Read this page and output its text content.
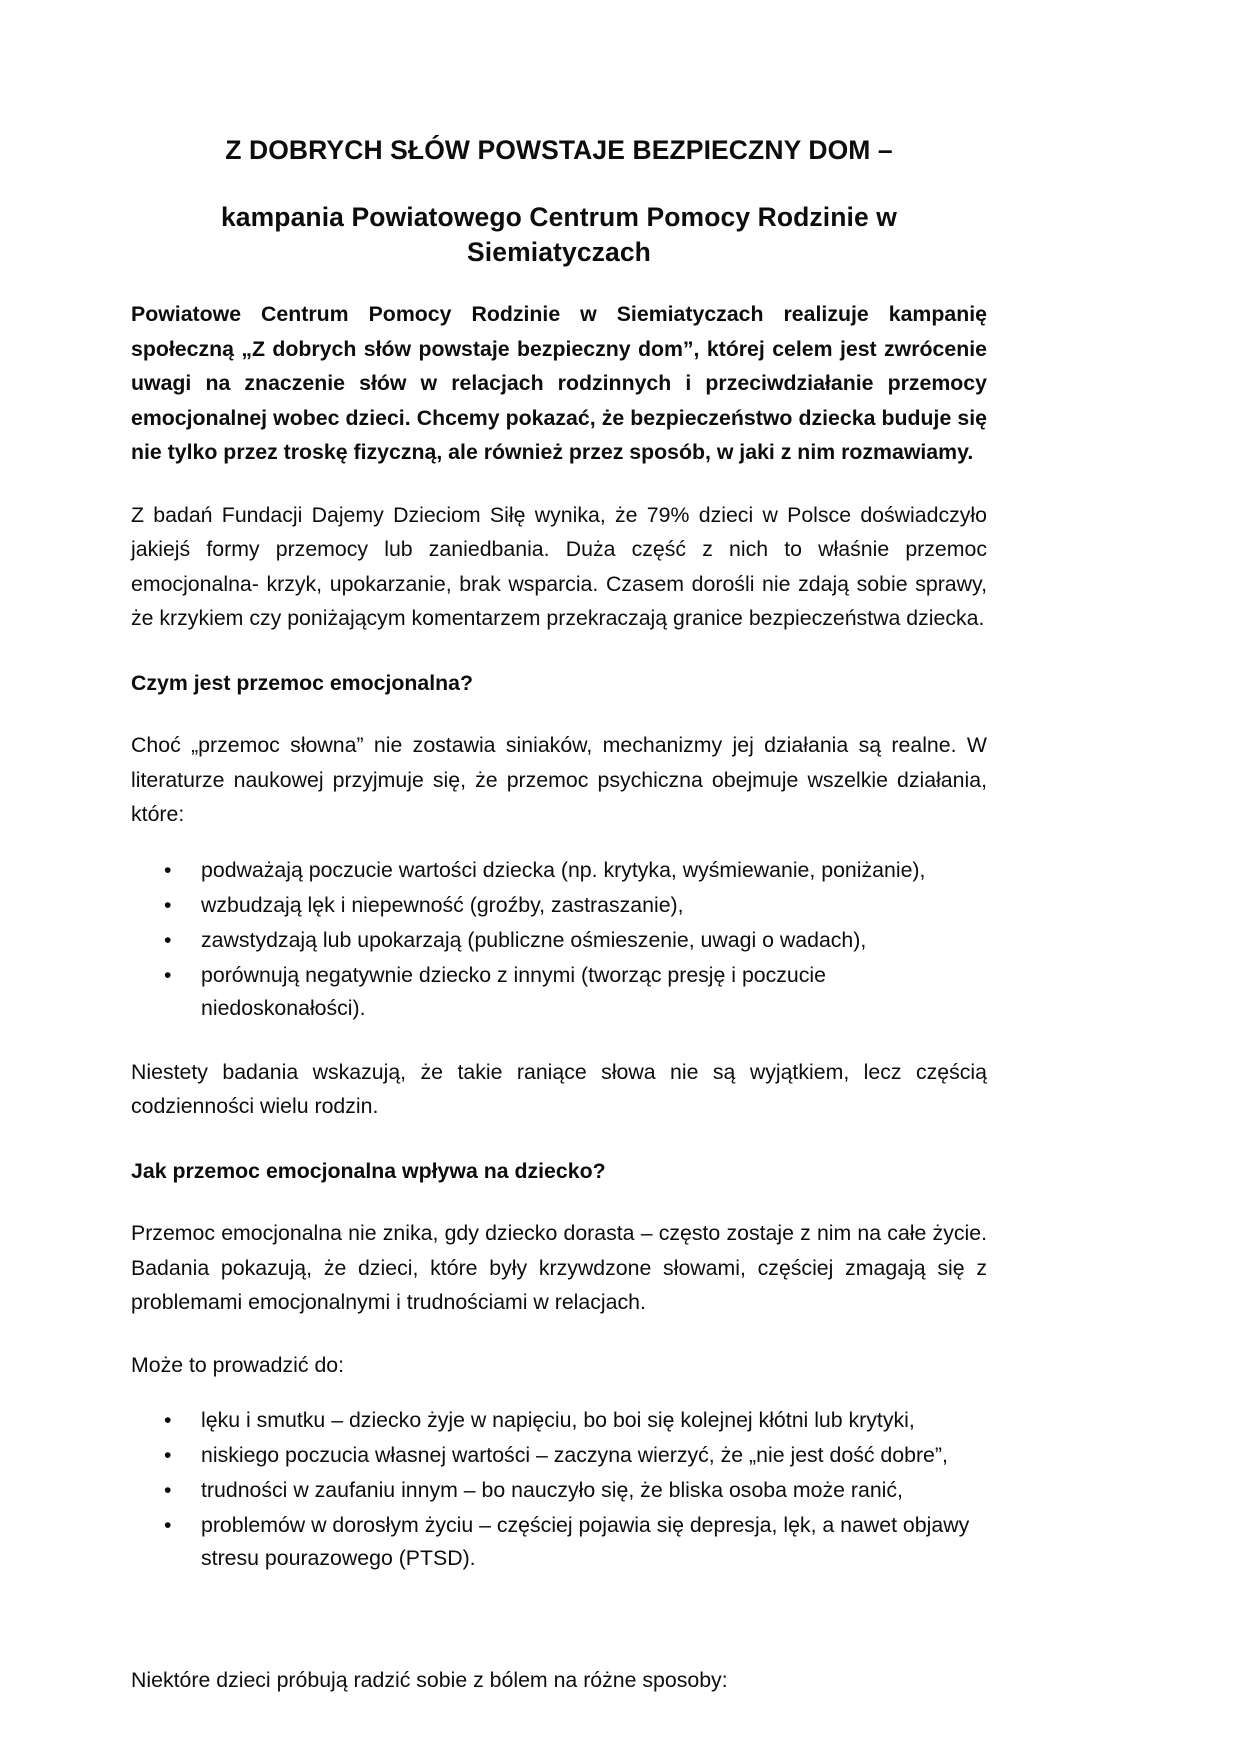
Z DOBRYCH SŁÓW POWSTAJE BEZPIECZNY DOM –
kampania Powiatowego Centrum Pomocy Rodzinie w Siemiatyczach

Powiatowe Centrum Pomocy Rodzinie w Siemiatyczach realizuje kampanię społeczną „Z dobrych słów powstaje bezpieczny dom”, której celem jest zwrócenie uwagi na znaczenie słów w relacjach rodzinnych i przeciwdziałanie przemocy emocjonalnej wobec dzieci. Chcemy pokazać, że bezpieczeństwo dziecka buduje się nie tylko przez troskę fizyczną, ale również przez sposób, w jaki z nim rozmawiamy.

Z badań Fundacji Dajemy Dzieciom Siłę wynika, że 79% dzieci w Polsce doświadczyło jakiejś formy przemocy lub zaniedbania. Duża część z nich to właśnie przemoc emocjonalna- krzyk, upokarzanie, brak wsparcia. Czasem dorośli nie zdają sobie sprawy, że krzykiem czy poniżającym komentarzem przekraczają granice bezpieczeństwa dziecka.

Czym jest przemoc emocjonalna?

Choć „przemoc słowna” nie zostawia siniaków, mechanizmy jej działania są realne. W literaturze naukowej przyjmuje się, że przemoc psychiczna obejmuje wszelkie działania, które:

• podważają poczucie wartości dziecka (np. krytyka, wyśmiewanie, poniżanie),
• wzbudzają lęk i niepewność (groźby, zastraszanie),
• zawstydzają lub upokarzają (publiczne ośmieszenie, uwagi o wadach),
• porównują negatywnie dziecko z innymi (tworząc presję i poczucie niedoskonałości).

Niestety badania wskazują, że takie raniące słowa nie są wyjątkiem, lecz częścią codzienności wielu rodzin.

Jak przemoc emocjonalna wpływa na dziecko?

Przemoc emocjonalna nie znika, gdy dziecko dorasta – często zostaje z nim na całe życie. Badania pokazują, że dzieci, które były krzywdzone słowami, częściej zmagają się z problemami emocjonalnymi i trudnościami w relacjach.

Może to prowadzić do:

• lęku i smutku – dziecko żyje w napięciu, bo boi się kolejnej kłótni lub krytyki,
• niskiego poczucia własnej wartości – zaczyna wierzyć, że „nie jest dość dobre”,
• trudności w zaufaniu innym – bo nauczyło się, że bliska osoba może ranić,
• problemów w dorosłym życiu – częściej pojawia się depresja, lęk, a nawet objawy stresu pourazowego (PTSD).

Niektóre dzieci próbują radzić sobie z bólem na różne sposoby:
